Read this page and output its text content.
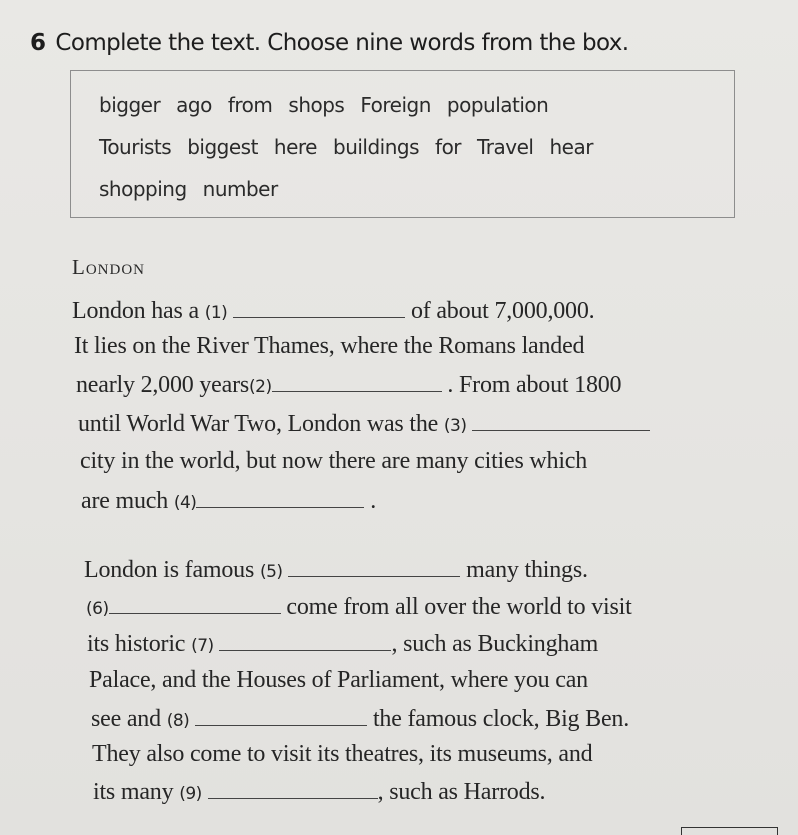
6 Complete the text. Choose nine words from the box.
bigger ago from shops Foreign population
Tourists biggest here buildings for Travel hear
shopping number
London
London has a (1)	of about 7,000,000.
It lies on the River Thames, where the Romans landed
nearly 2,000 years(2)	. From about 1800
until World War Two, London was the (3)
city in the world, but now there are many cities which
are much (4)	.
London is famous (5)	many things.
(6)	come from all over the world to visit
its historic (7)	, such as Buckingham
Palace, and the Houses of Parliament, where you can
see and (8)	the famous clock, Big Ben.
They also come to visit its theatres, its museums, and
its many (9)	, such as Harrods.
